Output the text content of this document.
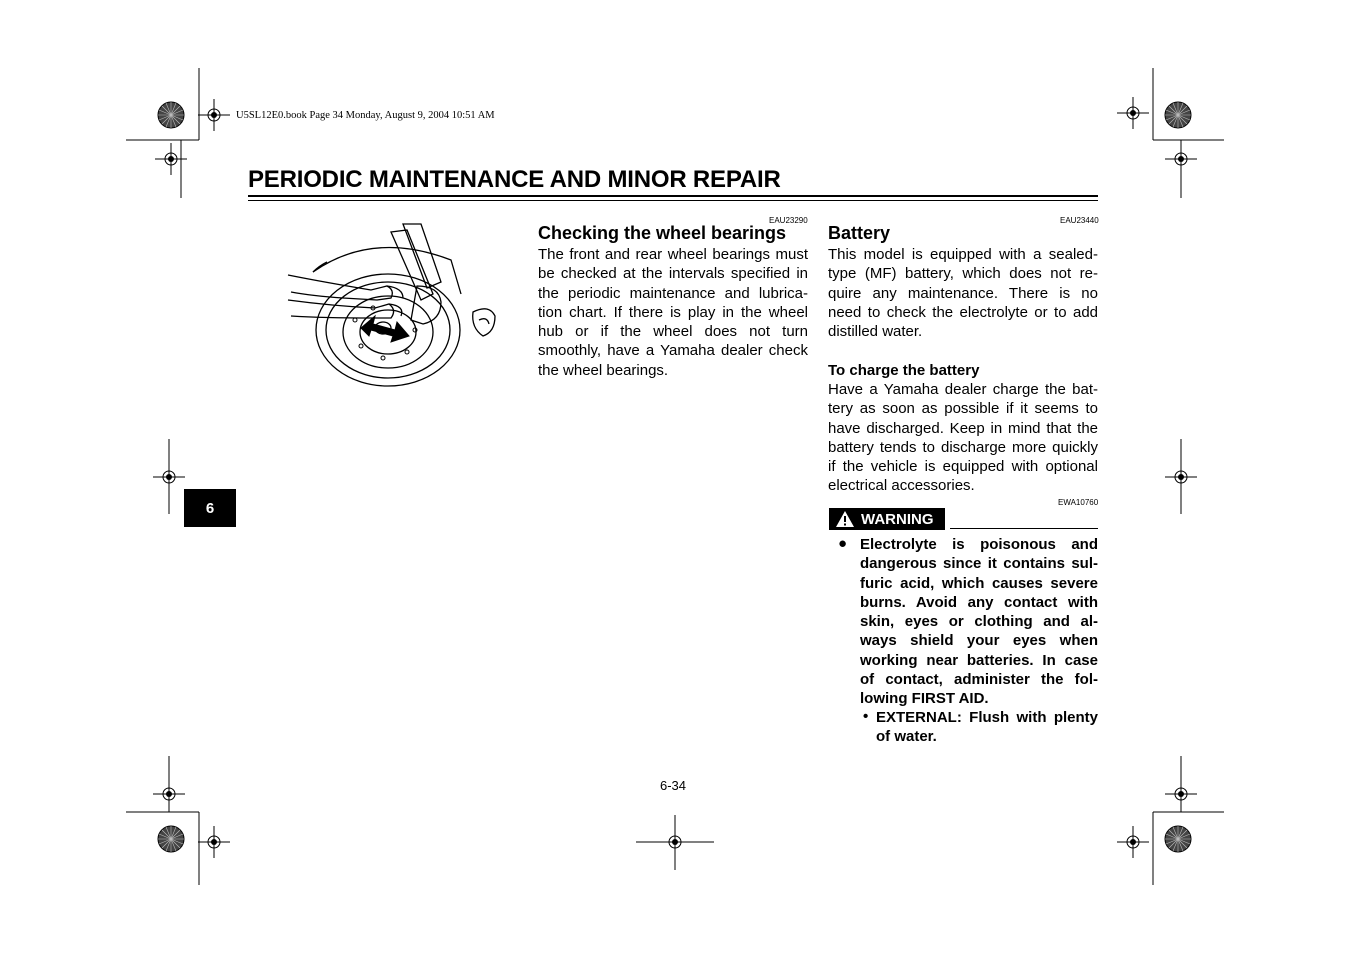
U5SL12E0.book Page 34 Monday, August 9, 2004 10:51 AM
PERIODIC MAINTENANCE AND MINOR REPAIR
6
EAU23290
Checking the wheel bearings
The front and rear wheel bearings must
be checked at the intervals specified in
the periodic maintenance and lubrica-
tion chart. If there is play in the wheel
hub or if the wheel does not turn
smoothly, have a Yamaha dealer check
the wheel bearings.
EAU23440
Battery
This model is equipped with a sealed-
type (MF) battery, which does not re-
quire any maintenance. There is no
need to check the electrolyte or to add
distilled water.
To charge the battery
Have a Yamaha dealer charge the bat-
tery as soon as possible if it seems to
have discharged. Keep in mind that the
battery tends to discharge more quickly
if the vehicle is equipped with optional
electrical accessories.
EWA10760
WARNING
● Electrolyte is poisonous and
dangerous since it contains sul-
furic acid, which causes severe
burns. Avoid any contact with
skin, eyes or clothing and al-
ways shield your eyes when
working near batteries. In case
of contact, administer the fol-
lowing FIRST AID.
• EXTERNAL: Flush with plenty
of water.
6-34
